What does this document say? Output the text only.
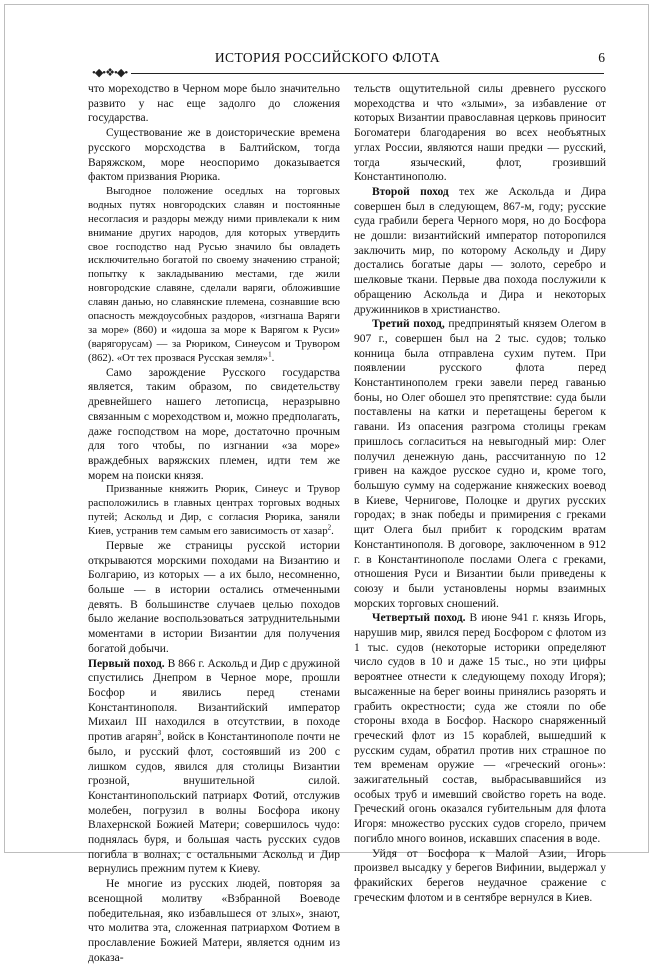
ИСТОРИЯ РОССИЙСКОГО ФЛОТА	6
•◆•❖•◆•

что мореходство в Черном море было значительно развито у нас еще задолго до сложения государства.

Существование же в доисторические времена русского морсходства в Балтийском, тогда Варяжском, море неоспоримо доказывается фактом призвания Рюрика.

Выгодное положение оседлых на торговых водных путях новгородских славян и постоянные несогласия и раздоры между ними привлекали к ним внимание других народов, для которых утвердить свое господство над Русью значило бы овладеть исключительно богатой по своему значению страной; попытку к закладыванию местами, где жили новгородские славяне, сделали варяги, обложившие славян данью, но славянские племена, сознавшие всю опасность междоусобных раздоров, «изгнаша Варяги за море» (860) и «идоша за море к Варягом к Руси» (варягорусам) — за Рюриком, Синеусом и Трувором (862). «От тех прозвася Русская земля»$^1$.

Само зарождение Русского государства является, таким образом, по свидетельству древнейшего нашего летописца, неразрывно связанным с мореходством и, можно предполагать, даже господством на море, достаточно прочным для того чтобы, по изгнании «за море» враждебных варяжских племен, идти тем же морем на поиски князя.

Призванные княжить Рюрик, Синеус и Трувор расположились в главных центрах торговых водных путей; Аскольд и Дир, с согласия Рюрика, заняли Киев, устранив тем самым его зависимость от хазар$^2$.

Первые же страницы русской истории открываются морскими походами на Византию и Болгарию, из которых — а их было, несомненно, больше — в истории остались отмеченными девять. В большинстве случаев целью походов было желание воспользоваться затруднительными моментами в истории Византии для получения богатой добычи.

Первый поход. В 866 г. Аскольд и Дир с дружиной спустились Днепром в Черное море, прошли Босфор и явились перед стенами Константинополя. Византийский император Михаил III находился в отсутствии, в походе против агарян$^3$, войск в Константинополе почти не было, и русский флот, состоявший из 200 с лишком судов, явился для столицы Византии грозной, внушительной силой. Константинопольский патриарх Фотий, отслужив молебен, погрузил в волны Босфора икону Влахернской Божией Матери; совершилось чудо: поднялась буря, и большая часть русских судов погибла в волнах; с остальными Аскольд и Дир вернулись прежним путем к Киеву.

Не многие из русских людей, повторяя за всенощной молитву «Взбранной Воеводе победительная, яко избавльшеся от злых», знают, что молитва эта, сложенная патриархом Фотием в прославление Божией Матери, является одним из доказа-

тельств ощутительной силы древнего русского мореходства и что «злыми», за избавление от которых Византии православная церковь приносит Богоматери благодарения во всех необъятных углах России, являются наши предки — русский, тогда языческий, флот, грозивший Константинополю.

Второй поход тех же Аскольда и Дира совершен был в следующем, 867-м, году; русские суда грабили берега Черного моря, но до Босфора не дошли: византийский император поторопился заключить мир, по которому Аскольду и Диру достались богатые дары — золото, серебро и шелковые ткани. Первые два похода послужили к обращению Аскольда и Дира и некоторых дружинников в христианство.

Третий поход, предпринятый князем Олегом в 907 г., совершен был на 2 тыс. судов; только конница была отправлена сухим путем. При появлении русского флота перед Константинополем греки завели перед гаванью боны, но Олег обошел это препятствие: суда были поставлены на катки и перетащены берегом к гавани. Из опасения разгрома столицы грекам пришлось согласиться на невыгодный мир: Олег получил денежную дань, рассчитанную по 12 гривен на каждое русское судно и, кроме того, большую сумму на содержание княжеских воевод в Киеве, Чернигове, Полоцке и других русских городах; в знак победы и примирения с греками щит Олега был прибит к городским вратам Константинополя. В договоре, заключенном в 912 г. в Константинополе послами Олега с греками, отношения Руси и Византии были приведены к союзу и были установлены нормы взаимных морских торговых сношений.

Четвертый поход. В июне 941 г. князь Игорь, нарушив мир, явился перед Босфором с флотом из 1 тыс. судов (некоторые историки определяют число судов в 10 и даже 15 тыс., но эти цифры вероятнее отнести к следующему походу Игоря); высаженные на берег воины принялись разорять и грабить окрестности; суда же стояли по обе стороны входа в Босфор. Наскоро снаряженный греческий флот из 15 кораблей, вышедший к русским судам, обратил против них страшное по тем временам оружие — «греческий огонь»: зажигательный состав, выбрасывавшийся из особых труб и имевший свойство гореть на воде. Греческий огонь оказался губительным для флота Игоря: множество русских судов сгорело, причем погибло много воинов, искавших спасения в воде.

Уйдя от Босфора к Малой Азии, Игорь произвел высадку у берегов Вифинии, выдержал у фракийских берегов неудачное сражение с греческим флотом и в сентябре вернулся в Киев.
